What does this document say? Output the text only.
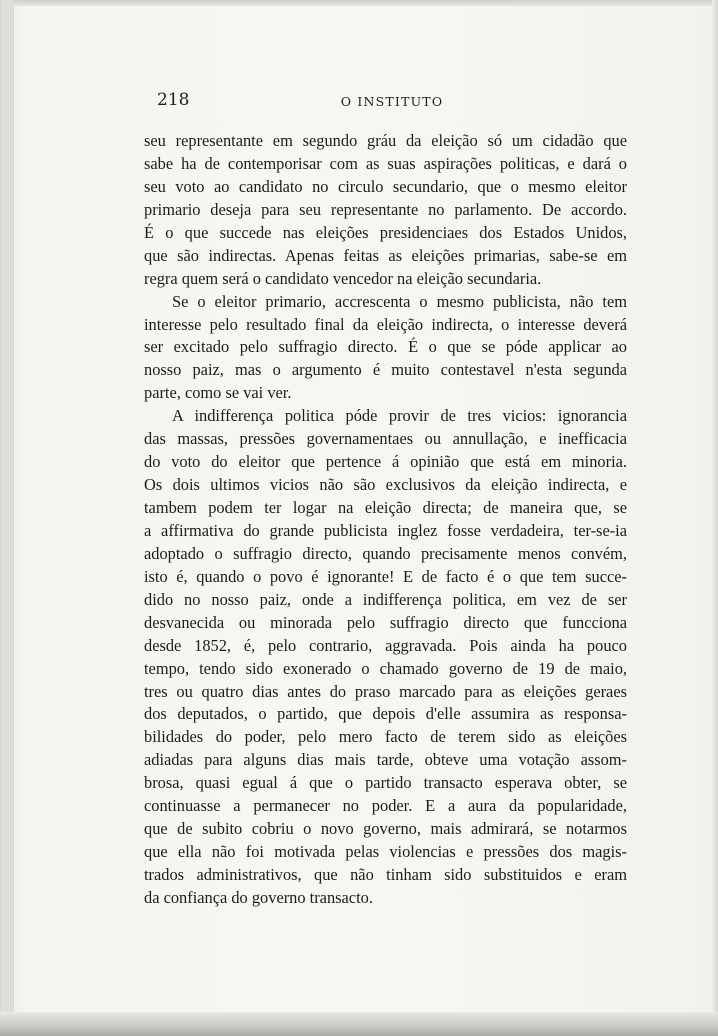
218	O INSTITUTO
seu representante em segundo gráu da eleição só um cidadão que
sabe ha de contemporisar com as suas aspirações politicas, e dará o
seu voto ao candidato no circulo secundario, que o mesmo eleitor
primario deseja para seu representante no parlamento. De accordo.
É o que succede nas eleições presidenciaes dos Estados Unidos,
que são indirectas. Apenas feitas as eleições primarias, sabe-se em
regra quem será o candidato vencedor na eleição secundaria.
Se o eleitor primario, accrescenta o mesmo publicista, não tem
interesse pelo resultado final da eleição indirecta, o interesse deverá
ser excitado pelo suffragio directo. É o que se póde applicar ao
nosso paiz, mas o argumento é muito contestavel n'esta segunda
parte, como se vai ver.
A indifferença politica póde provir de tres vicios: ignorancia
das massas, pressões governamentaes ou annullação, e inefficacia
do voto do eleitor que pertence á opinião que está em minoria.
Os dois ultimos vicios não são exclusivos da eleição indirecta, e
tambem podem ter logar na eleição directa; de maneira que, se
a affirmativa do grande publicista inglez fosse verdadeira, ter-se-ia
adoptado o suffragio directo, quando precisamente menos convém,
isto é, quando o povo é ignorante! E de facto é o que tem succe-
dido no nosso paiz, onde a indifferença politica, em vez de ser
desvanecida ou minorada pelo suffragio directo que funcciona
desde 1852, é, pelo contrario, aggravada. Pois ainda ha pouco
tempo, tendo sido exonerado o chamado governo de 19 de maio,
tres ou quatro dias antes do praso marcado para as eleições geraes
dos deputados, o partido, que depois d'elle assumira as responsa-
bilidades do poder, pelo mero facto de terem sido as eleições
adiadas para alguns dias mais tarde, obteve uma votação assom-
brosa, quasi egual á que o partido transacto esperava obter, se
continuasse a permanecer no poder. E a aura da popularidade,
que de subito cobriu o novo governo, mais admirará, se notarmos
que ella não foi motivada pelas violencias e pressões dos magis-
trados administrativos, que não tinham sido substituidos e eram
da confiança do governo transacto.
